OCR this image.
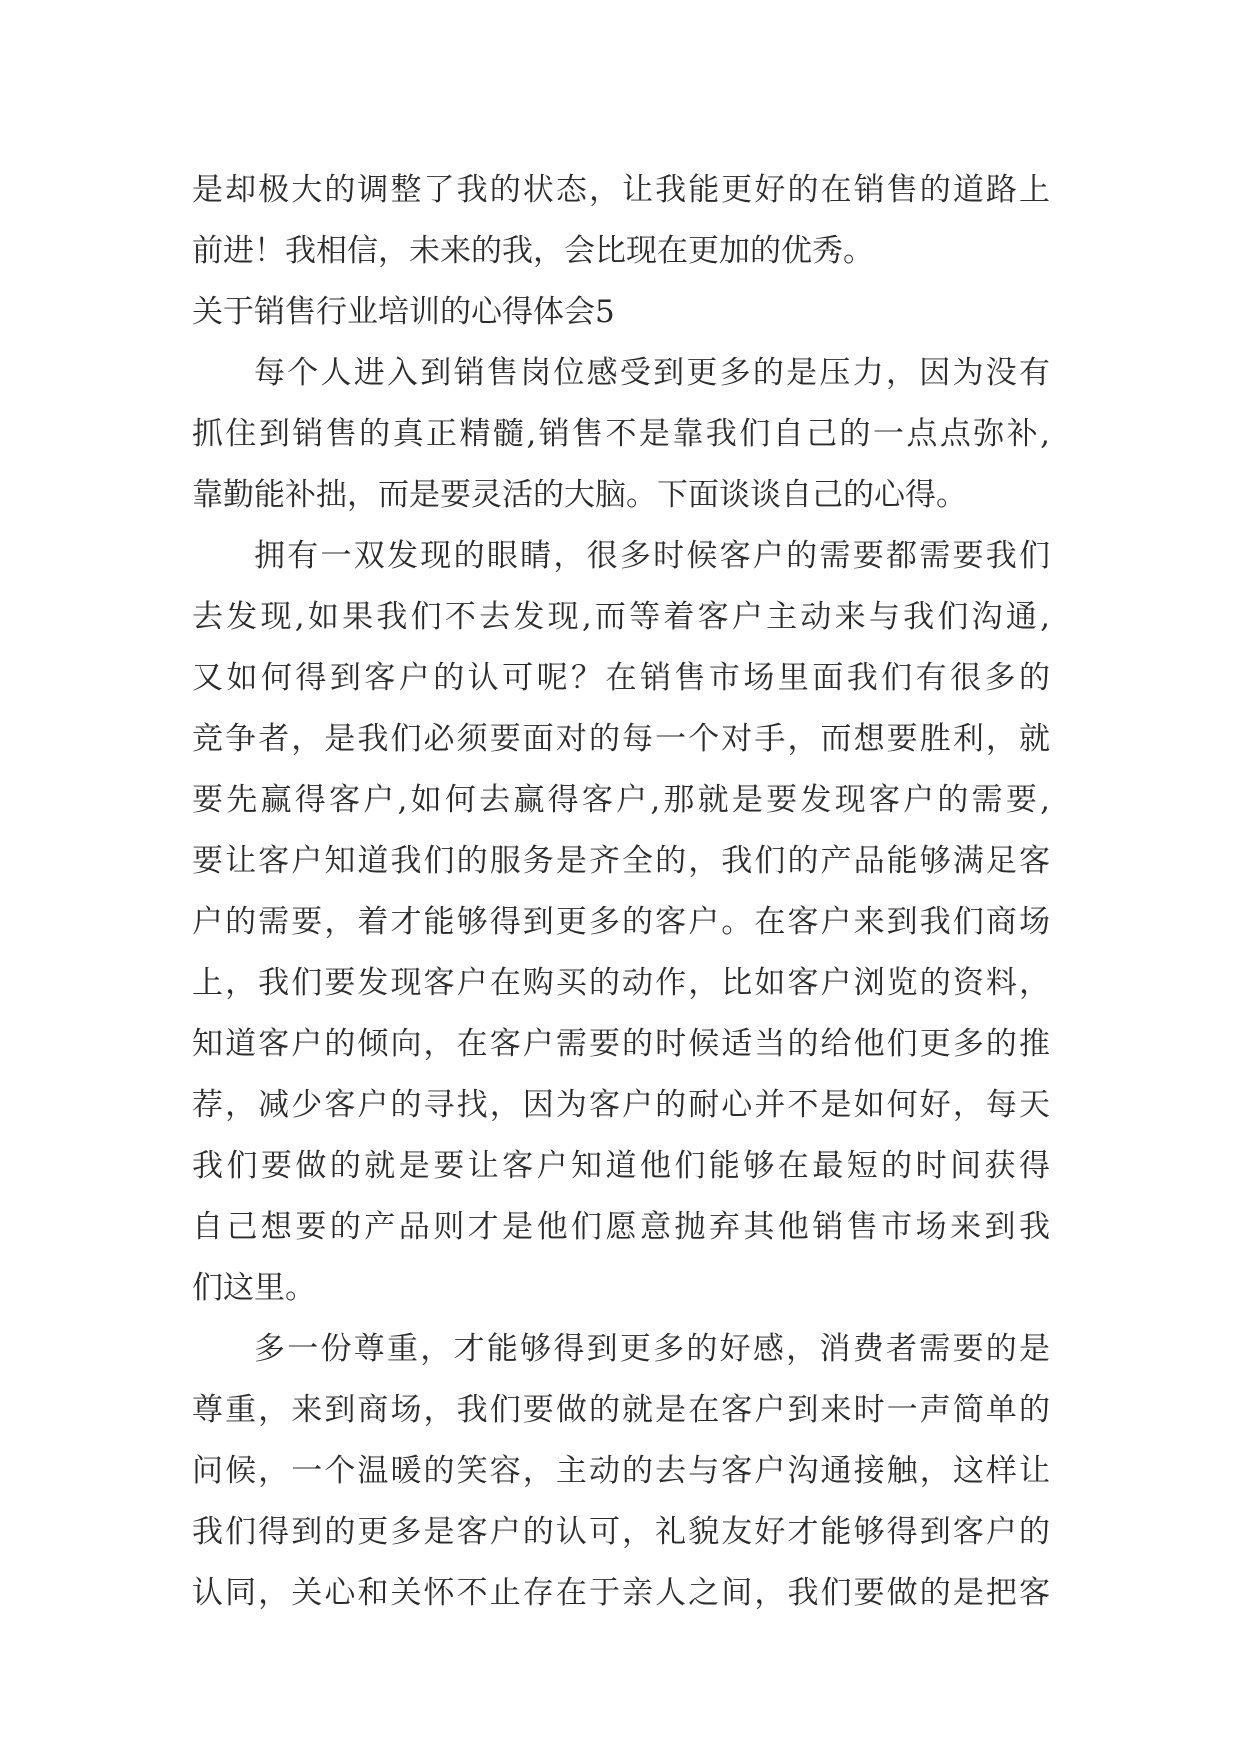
是却极大的调整了我的状态，让我能更好的在销售的道路上
前进！我相信，未来的我，会比现在更加的优秀。
关于销售行业培训的心得体会5
每个人进入到销售岗位感受到更多的是压力，因为没有
抓住到销售的真正精髓,销售不是靠我们自己的一点点弥补,
靠勤能补拙，而是要灵活的大脑。下面谈谈自己的心得。
拥有一双发现的眼睛，很多时候客户的需要都需要我们
去发现,如果我们不去发现,而等着客户主动来与我们沟通,
又如何得到客户的认可呢？在销售市场里面我们有很多的
竞争者，是我们必须要面对的每一个对手，而想要胜利，就
要先赢得客户,如何去赢得客户,那就是要发现客户的需要,
要让客户知道我们的服务是齐全的，我们的产品能够满足客
户的需要，着才能够得到更多的客户。在客户来到我们商场
上，我们要发现客户在购买的动作，比如客户浏览的资料，
知道客户的倾向，在客户需要的时候适当的给他们更多的推
荐，减少客户的寻找，因为客户的耐心并不是如何好，每天
我们要做的就是要让客户知道他们能够在最短的时间获得
自己想要的产品则才是他们愿意抛弃其他销售市场来到我
们这里。
多一份尊重，才能够得到更多的好感，消费者需要的是
尊重，来到商场，我们要做的就是在客户到来时一声简单的
问候，一个温暖的笑容，主动的去与客户沟通接触，这样让
我们得到的更多是客户的认可，礼貌友好才能够得到客户的
认同，关心和关怀不止存在于亲人之间，我们要做的是把客
